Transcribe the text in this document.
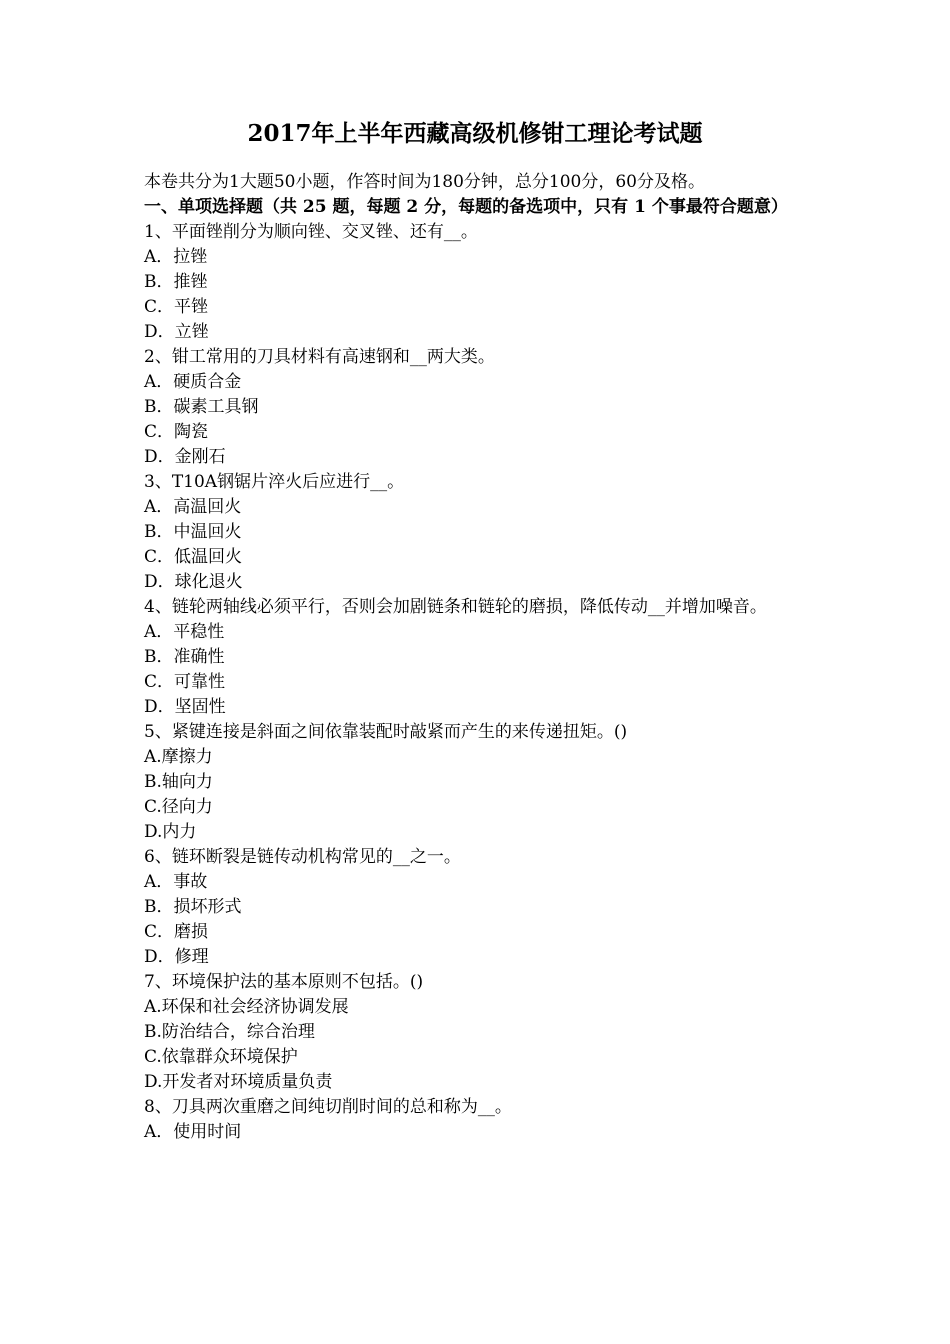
2017年上半年西藏高级机修钳工理论考试题
本卷共分为1大题50小题，作答时间为180分钟，总分100分，60分及格。
一、单项选择题（共 25 题，每题 2 分，每题的备选项中，只有 1 个事最符合题意）
1、平面锉削分为顺向锉、交叉锉、还有__。
A．拉锉
B．推锉
C．平锉
D．立锉
2、钳工常用的刀具材料有高速钢和__两大类。
A．硬质合金
B．碳素工具钢
C．陶瓷
D．金刚石
3、T10A钢锯片淬火后应进行__。
A．高温回火
B．中温回火
C．低温回火
D．球化退火
4、链轮两轴线必须平行，否则会加剧链条和链轮的磨损，降低传动__并增加噪音。
A．平稳性
B．准确性
C．可靠性
D．坚固性
5、紧键连接是斜面之间依靠装配时敲紧而产生的来传递扭矩。()
A.摩擦力
B.轴向力
C.径向力
D.内力
6、链环断裂是链传动机构常见的__之一。
A．事故
B．损坏形式
C．磨损
D．修理
7、环境保护法的基本原则不包括。()
A.环保和社会经济协调发展
B.防治结合，综合治理
C.依靠群众环境保护
D.开发者对环境质量负责
8、刀具两次重磨之间纯切削时间的总和称为__。
A．使用时间
